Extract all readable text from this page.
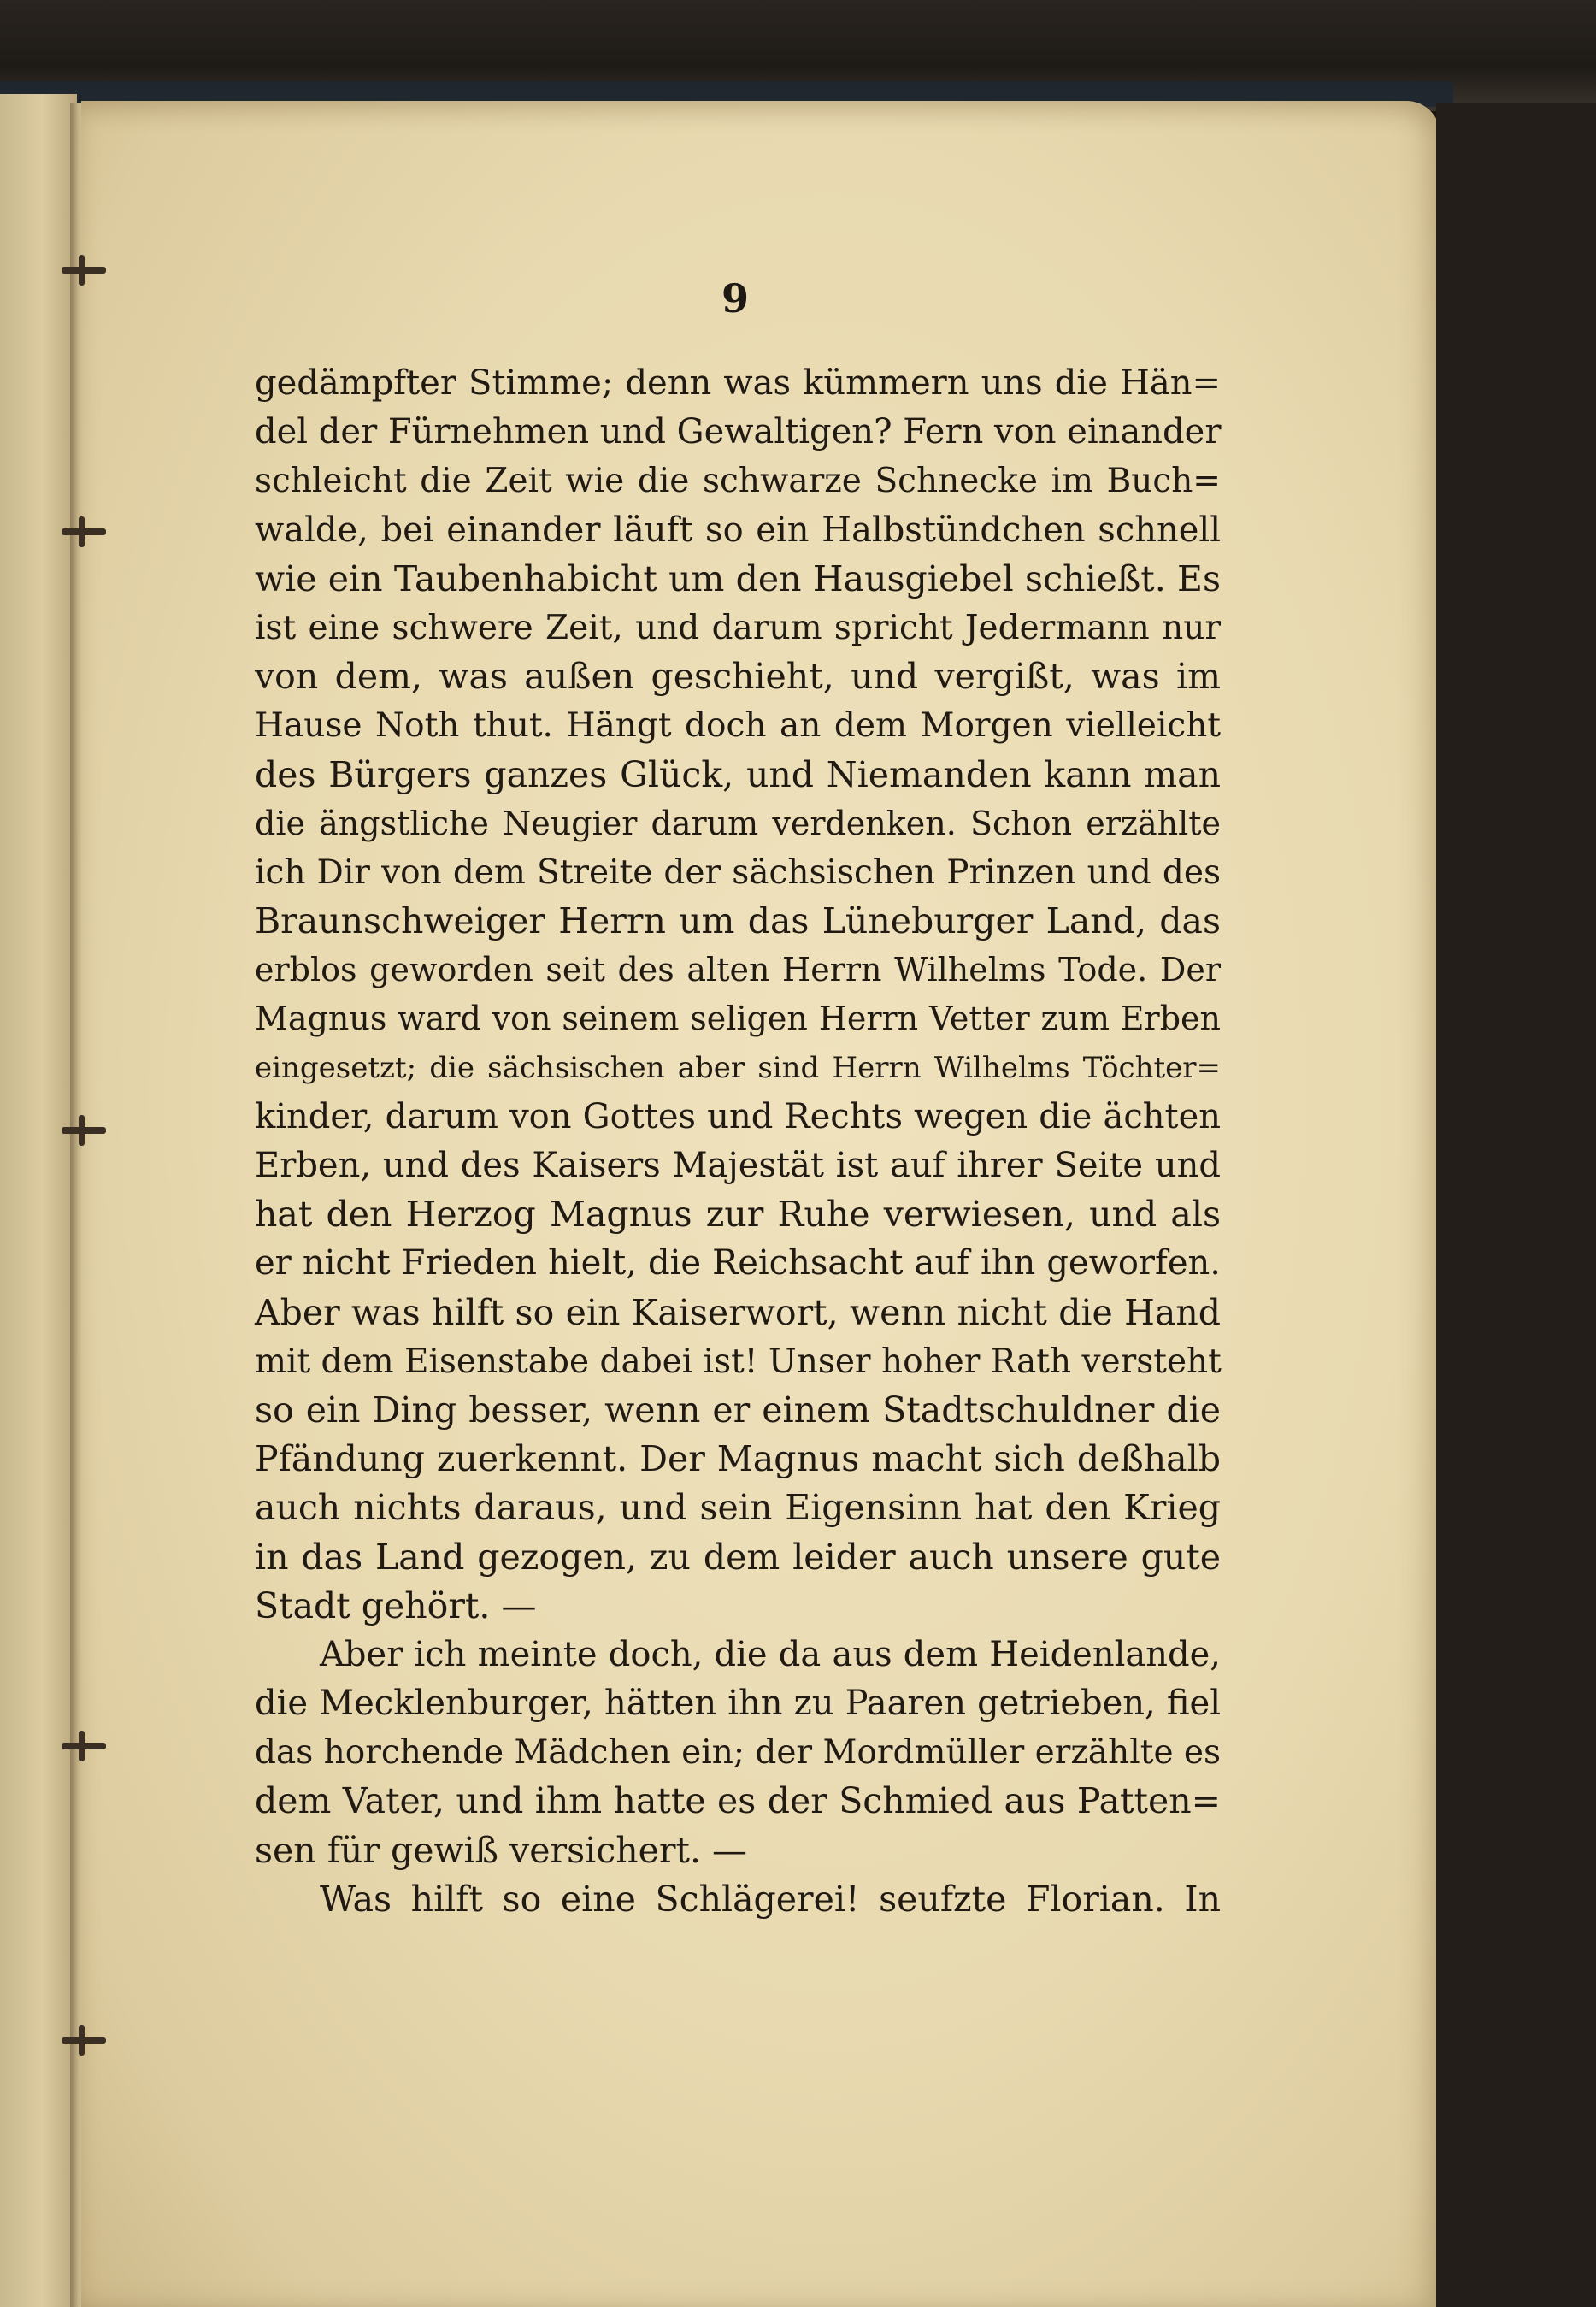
9
gedämpfter Stimme; denn was kümmern uns die Hän=
del der Fürnehmen und Gewaltigen? Fern von einander
schleicht die Zeit wie die schwarze Schnecke im Buch=
walde, bei einander läuft so ein Halbstündchen schnell
wie ein Taubenhabicht um den Hausgiebel schießt. Es
ist eine schwere Zeit, und darum spricht Jedermann nur
von dem, was außen geschieht, und vergißt, was im
Hause Noth thut. Hängt doch an dem Morgen vielleicht
des Bürgers ganzes Glück, und Niemanden kann man
die ängstliche Neugier darum verdenken. Schon erzählte
ich Dir von dem Streite der sächsischen Prinzen und des
Braunschweiger Herrn um das Lüneburger Land, das
erblos geworden seit des alten Herrn Wilhelms Tode. Der
Magnus ward von seinem seligen Herrn Vetter zum Erben
eingesetzt; die sächsischen aber sind Herrn Wilhelms Töchter=
kinder, darum von Gottes und Rechts wegen die ächten
Erben, und des Kaisers Majestät ist auf ihrer Seite und
hat den Herzog Magnus zur Ruhe verwiesen, und als
er nicht Frieden hielt, die Reichsacht auf ihn geworfen.
Aber was hilft so ein Kaiserwort, wenn nicht die Hand
mit dem Eisenstabe dabei ist! Unser hoher Rath versteht
so ein Ding besser, wenn er einem Stadtschuldner die
Pfändung zuerkennt. Der Magnus macht sich deßhalb
auch nichts daraus, und sein Eigensinn hat den Krieg
in das Land gezogen, zu dem leider auch unsere gute
Stadt gehört. —
Aber ich meinte doch, die da aus dem Heidenlande,
die Mecklenburger, hätten ihn zu Paaren getrieben, fiel
das horchende Mädchen ein; der Mordmüller erzählte es
dem Vater, und ihm hatte es der Schmied aus Patten=
sen für gewiß versichert. —
Was hilft so eine Schlägerei! seufzte Florian. In
